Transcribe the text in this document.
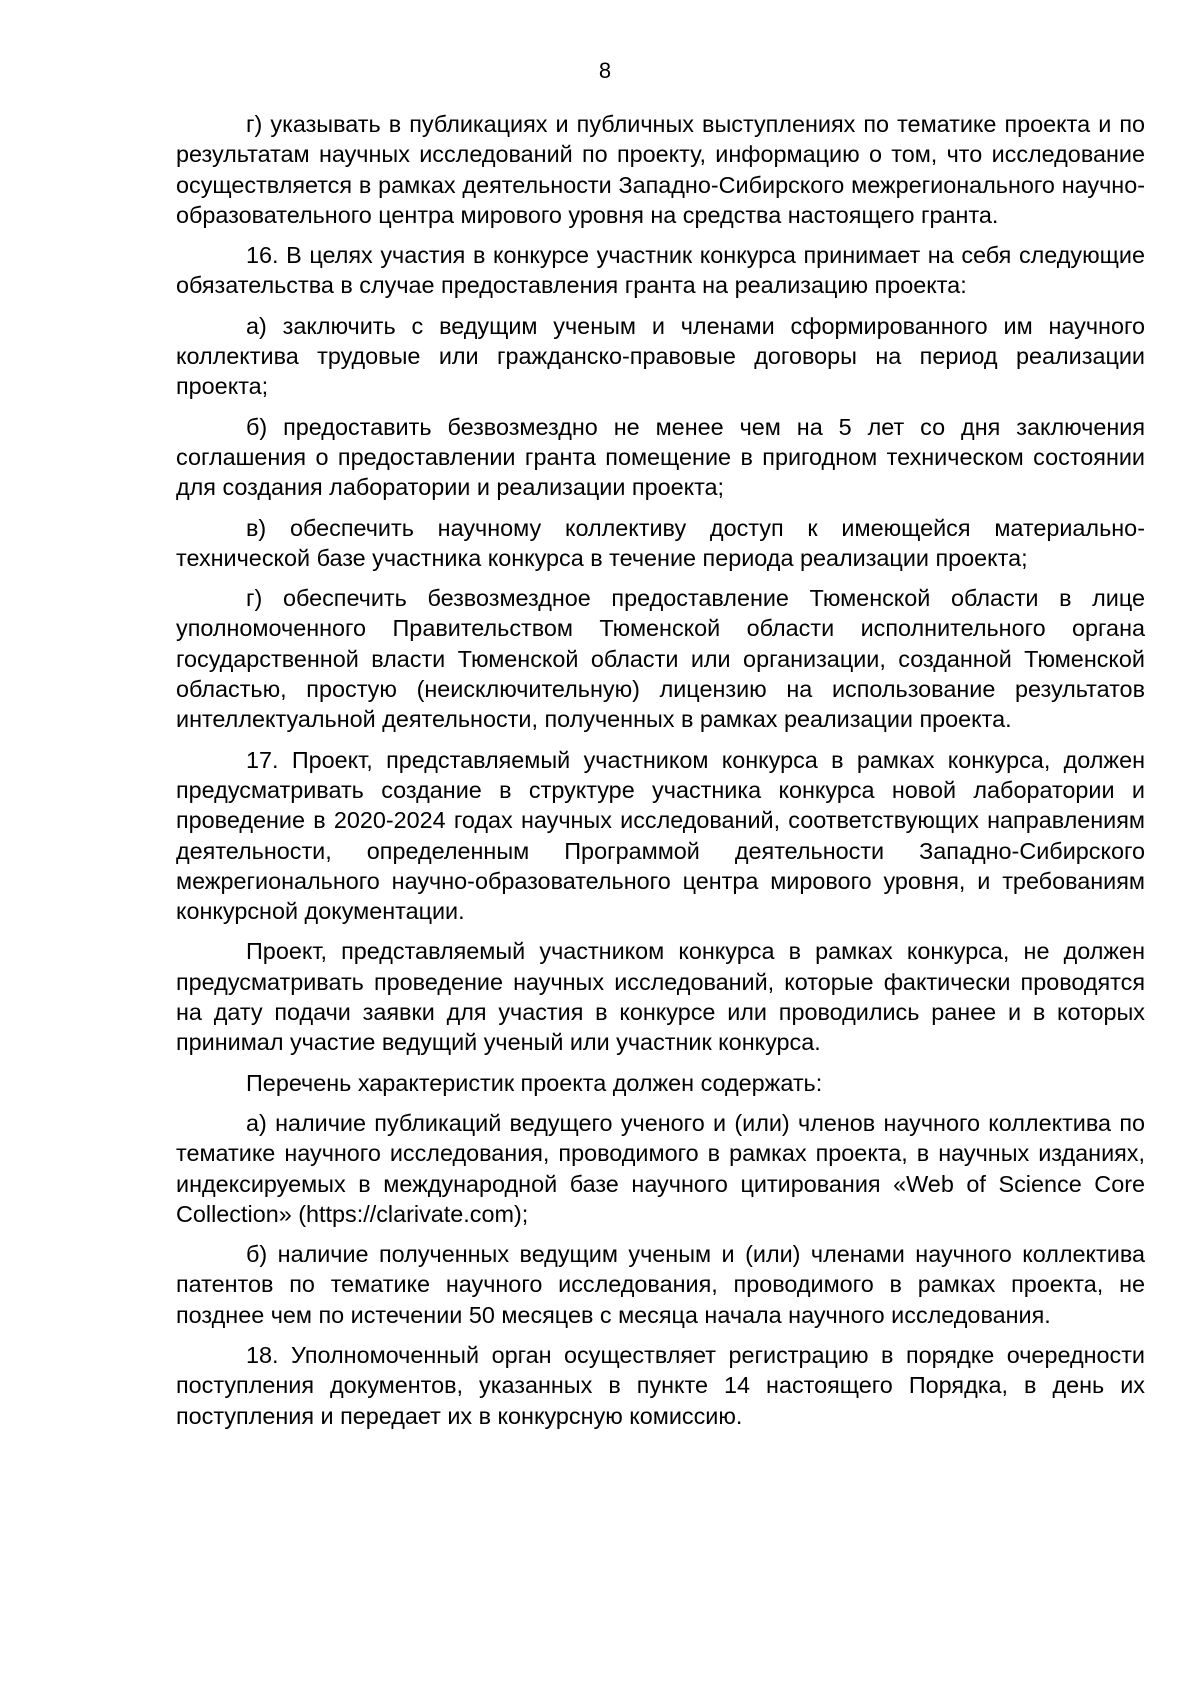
8

г) указывать в публикациях и публичных выступлениях по тематике проекта и по результатам научных исследований по проекту, информацию о том, что исследование осуществляется в рамках деятельности Западно-Сибирского межрегионального научно-образовательного центра мирового уровня на средства настоящего гранта.

16. В целях участия в конкурсе участник конкурса принимает на себя следующие обязательства в случае предоставления гранта на реализацию проекта:

а) заключить с ведущим ученым и членами сформированного им научного коллектива трудовые или гражданско-правовые договоры на период реализации проекта;

б) предоставить безвозмездно не менее чем на 5 лет со дня заключения соглашения о предоставлении гранта помещение в пригодном техническом состоянии для создания лаборатории и реализации проекта;

в) обеспечить научному коллективу доступ к имеющейся материально-технической базе участника конкурса в течение периода реализации проекта;

г) обеспечить безвозмездное предоставление Тюменской области в лице уполномоченного Правительством Тюменской области исполнительного органа государственной власти Тюменской области или организации, созданной Тюменской областью, простую (неисключительную) лицензию на использование результатов интеллектуальной деятельности, полученных в рамках реализации проекта.

17. Проект, представляемый участником конкурса в рамках конкурса, должен предусматривать создание в структуре участника конкурса новой лаборатории и проведение в 2020-2024 годах научных исследований, соответствующих направлениям деятельности, определенным Программой деятельности Западно-Сибирского межрегионального научно-образовательного центра мирового уровня, и требованиям конкурсной документации.

Проект, представляемый участником конкурса в рамках конкурса, не должен предусматривать проведение научных исследований, которые фактически проводятся на дату подачи заявки для участия в конкурсе или проводились ранее и в которых принимал участие ведущий ученый или участник конкурса.

Перечень характеристик проекта должен содержать:

а) наличие публикаций ведущего ученого и (или) членов научного коллектива по тематике научного исследования, проводимого в рамках проекта, в научных изданиях, индексируемых в международной базе научного цитирования «Web of Science Core Collection» (https://clarivate.com);

б) наличие полученных ведущим ученым и (или) членами научного коллектива патентов по тематике научного исследования, проводимого в рамках проекта, не позднее чем по истечении 50 месяцев с месяца начала научного исследования.

18. Уполномоченный орган осуществляет регистрацию в порядке очередности поступления документов, указанных в пункте 14 настоящего Порядка, в день их поступления и передает их в конкурсную комиссию.
